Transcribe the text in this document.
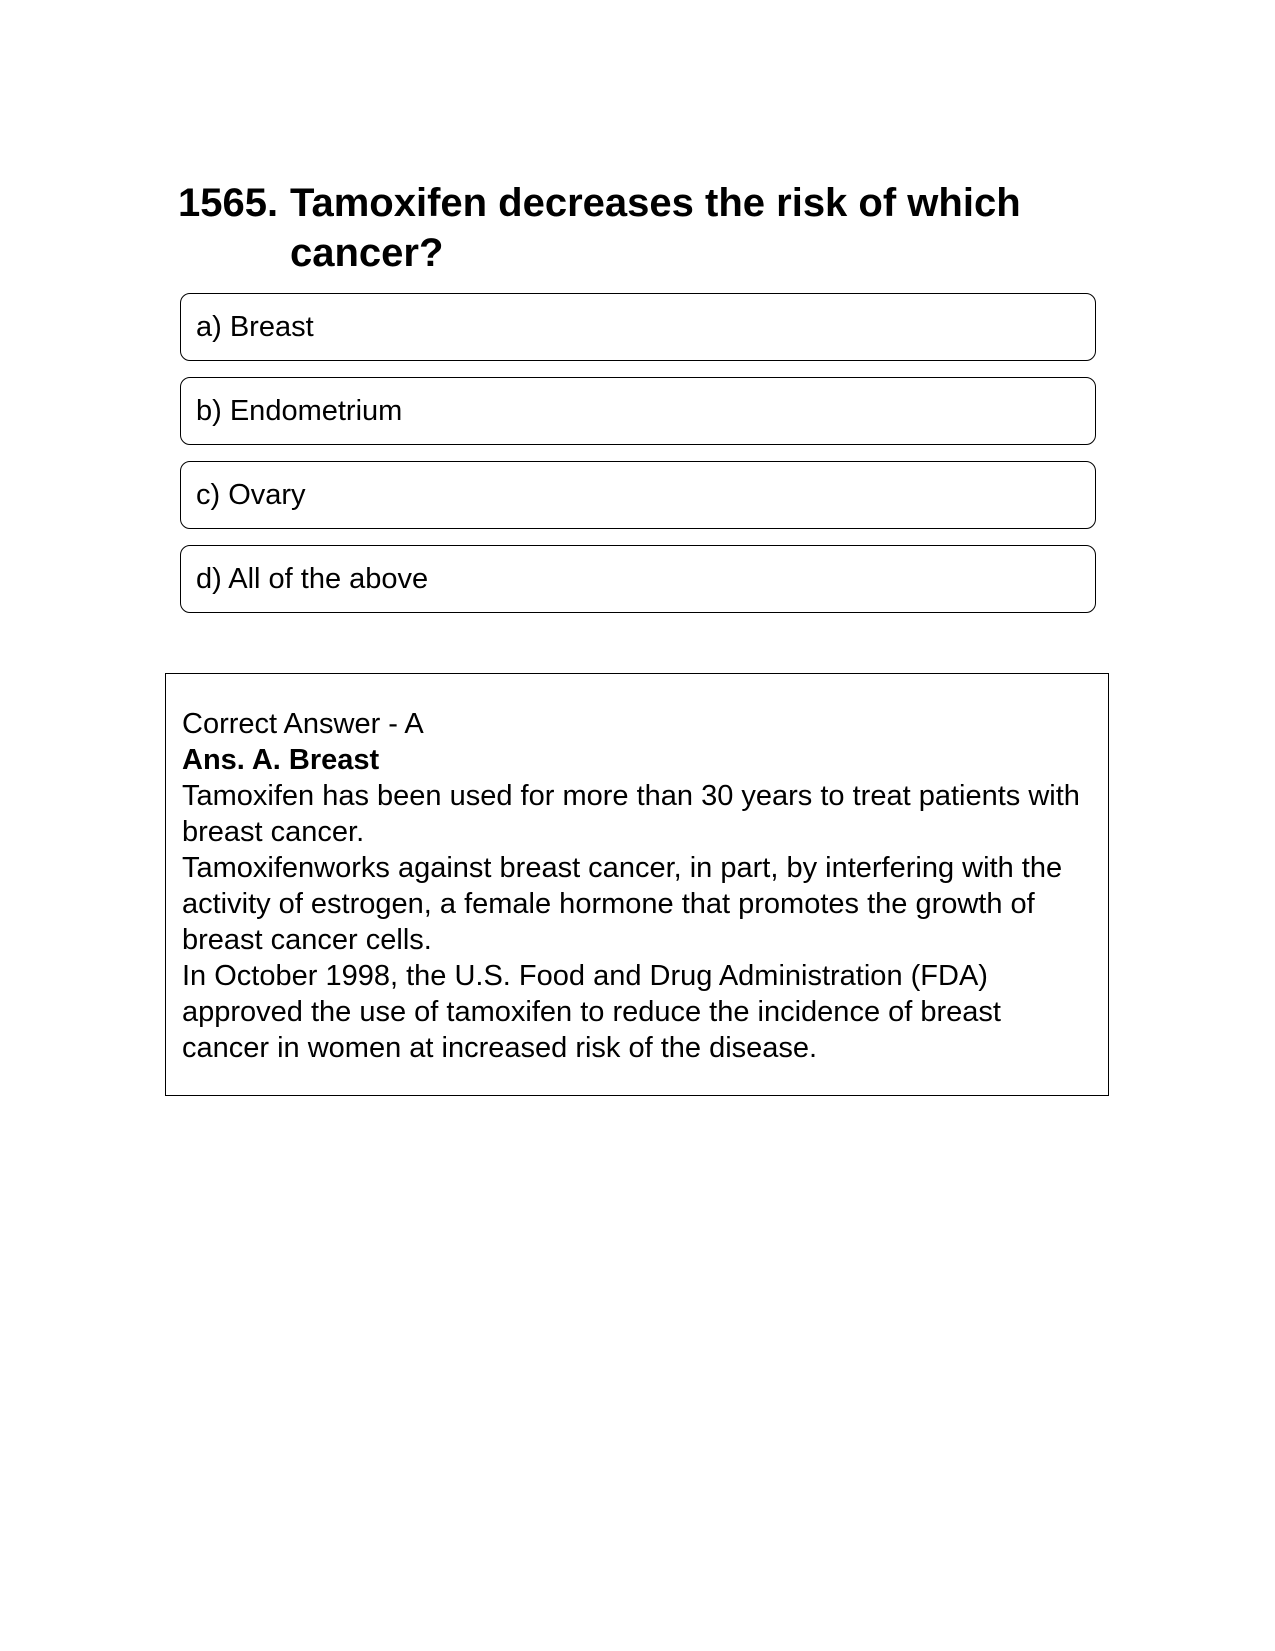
1565. Tamoxifen decreases the risk of which cancer?
a) Breast
b) Endometrium
c) Ovary
d) All of the above
Correct Answer - A
Ans. A. Breast
Tamoxifen has been used for more than 30 years to treat patients with breast cancer.
Tamoxifenworks against breast cancer, in part, by interfering with the activity of estrogen, a female hormone that promotes the growth of breast cancer cells.
In October 1998, the U.S. Food and Drug Administration (FDA) approved the use of tamoxifen to reduce the incidence of breast cancer in women at increased risk of the disease.
